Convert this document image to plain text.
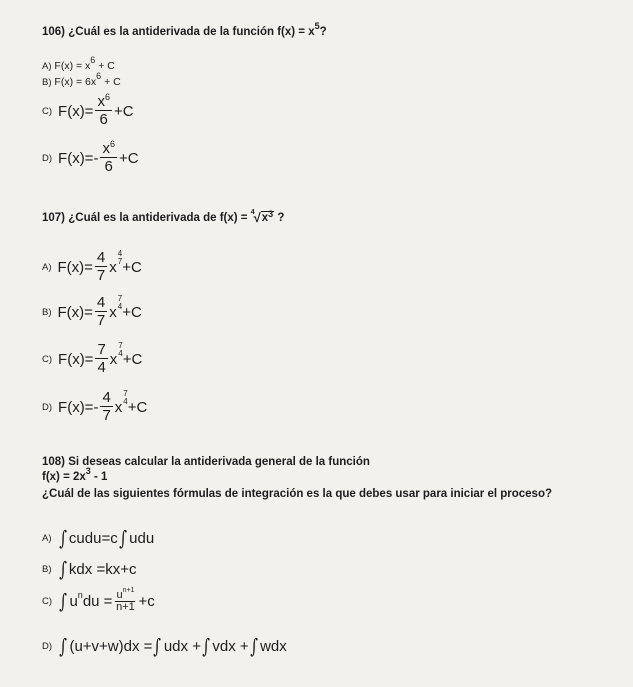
106) ¿Cuál es la antiderivada de la función $f(x) = x^5$?
A) F(x) = x6 + C
B) F(x) = 6x6 + C
C) $F(x)= \frac{x^6}{6} +C$
D) $F(x)=- \frac{x^6}{6} +C$
107)
¿Cuál es la antiderivada de
f(x) =
4 √ $x^3$
?
A) $F(x)= \frac{4}{7}$ x
4
7 +C
B) $F(x)= \frac{4}{7}$ x
7
4 +C
C) $F(x)= \frac{7}{4}$ x
7
4 +C
D) $F(x)=- \frac{4}{7}$ x
7
4 +C
108) Si deseas calcular la antiderivada general de la función
$f(x) = 2x^3 - 1$
¿Cuál de las siguientes fórmulas de integración es la que debes usar para iniciar el proceso?
A) ∫ cudu =c ∫ udu
B) ∫ kdx
=kx+c
C) ∫ u n du = $\frac{u^{n+1}}{n+1} +c$
D) ∫ (u+v+w)dx = ∫ udx + ∫ vdx + ∫ wdx
